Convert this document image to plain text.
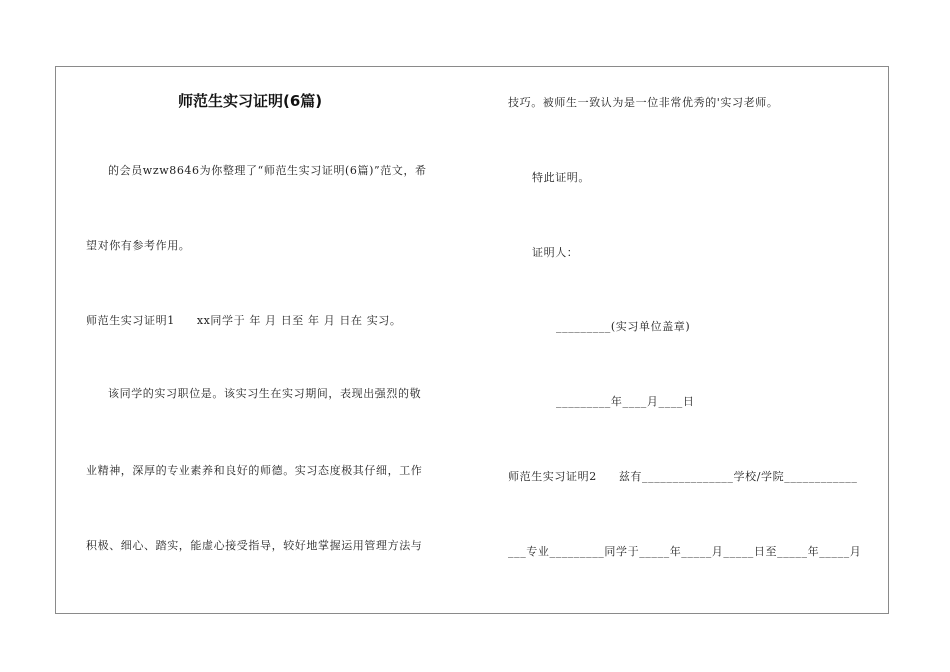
师范生实习证明(6篇)
的会员wzw8646为你整理了“师范生实习证明(6篇)”范文，希
望对你有参考作用。
师范生实习证明1 xx同学于 年 月 日至 年 月 日在 实习。
该同学的实习职位是。该实习生在实习期间，表现出强烈的敬
业精神，深厚的专业素养和良好的师德。实习态度极其仔细，工作
积极、细心、踏实，能虚心接受指导，较好地掌握运用管理方法与
技巧。被师生一致认为是一位非常优秀的'实习老师。
特此证明。
证明人：
_________(实习单位盖章)
_________年____月____日
师范生实习证明2 兹有_______________学校/学院____________
___专业_________同学于_____年_____月_____日至_____年_____月
